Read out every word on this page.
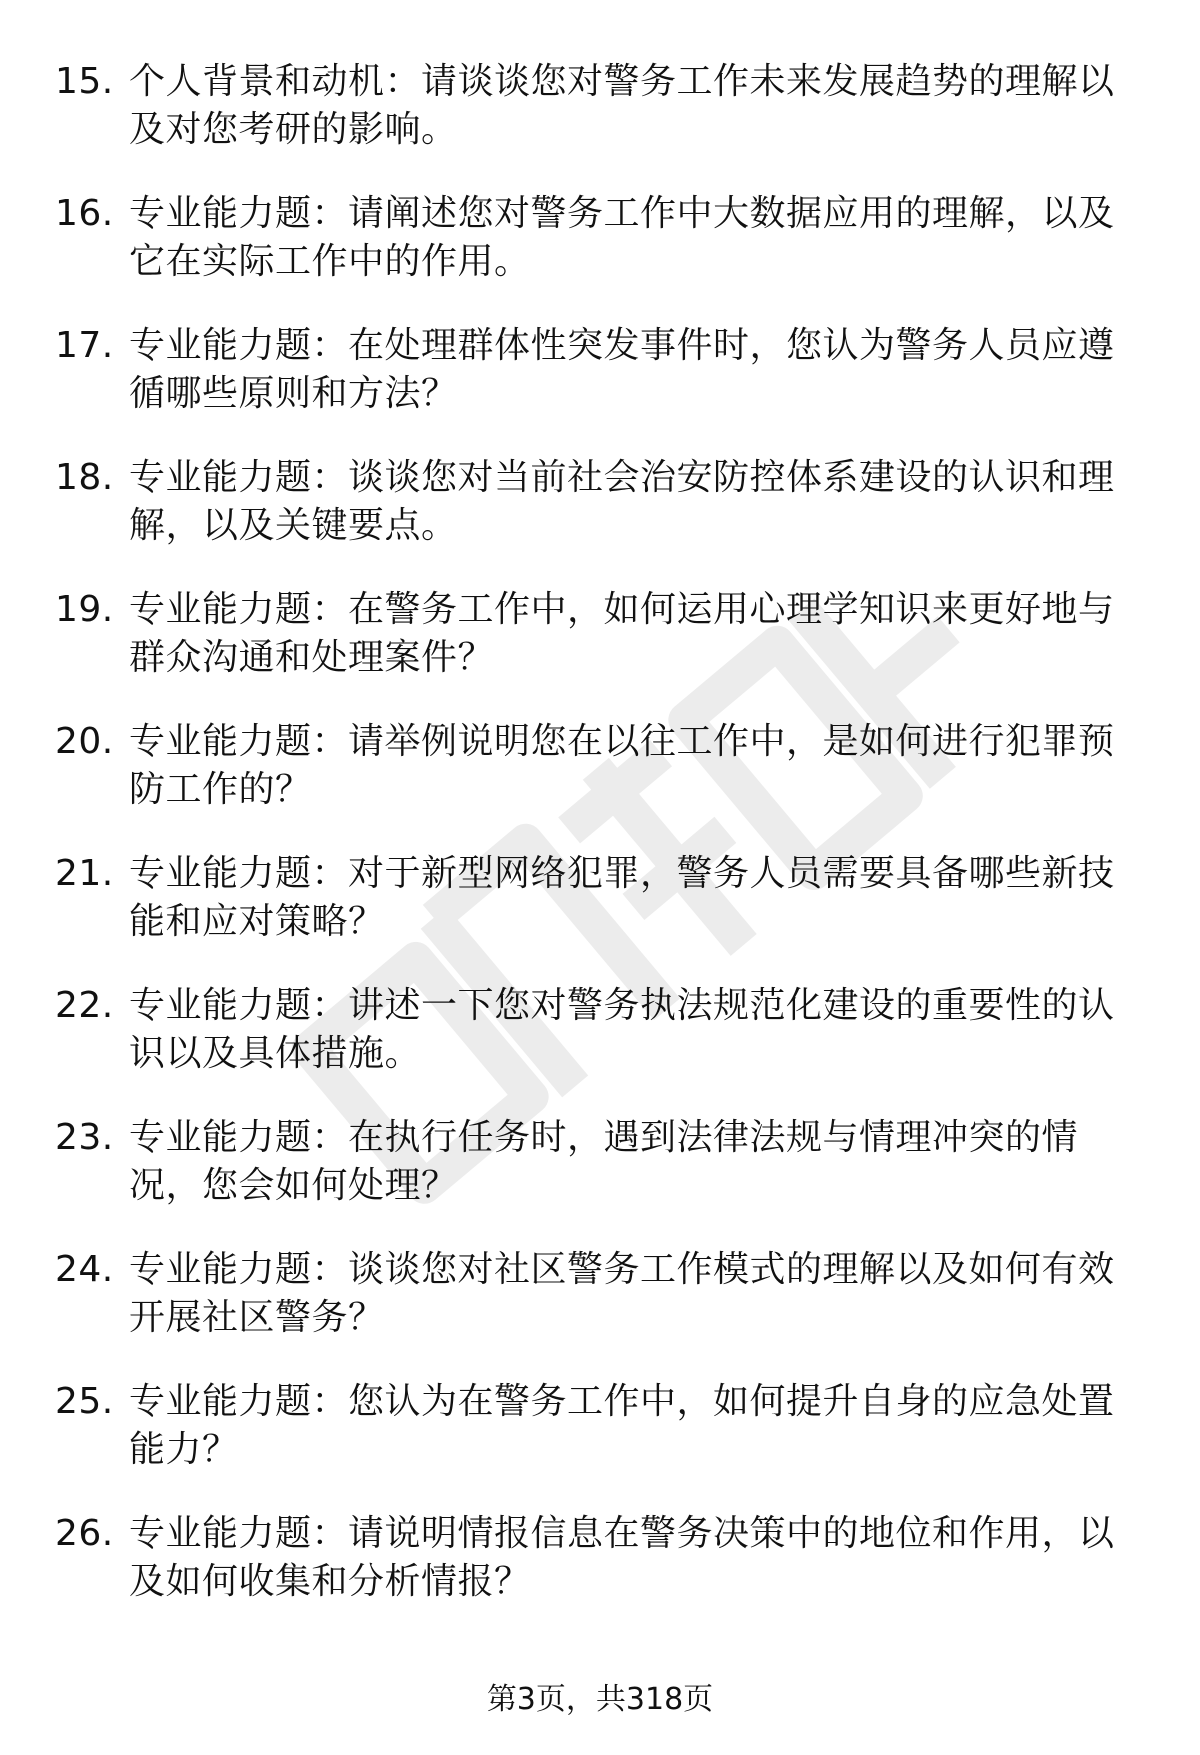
15. 个人背景和动机：请谈谈您对警务工作未来发展趋势的理解以及对您考研的影响。
16. 专业能力题：请阐述您对警务工作中大数据应用的理解，以及它在实际工作中的作用。
17. 专业能力题：在处理群体性突发事件时，您认为警务人员应遵循哪些原则和方法？
18. 专业能力题：谈谈您对当前社会治安防控体系建设的认识和理解，以及关键要点。
19. 专业能力题：在警务工作中，如何运用心理学知识来更好地与群众沟通和处理案件？
20. 专业能力题：请举例说明您在以往工作中，是如何进行犯罪预防工作的？
21. 专业能力题：对于新型网络犯罪，警务人员需要具备哪些新技能和应对策略？
22. 专业能力题：讲述一下您对警务执法规范化建设的重要性的认识以及具体措施。
23. 专业能力题：在执行任务时，遇到法律法规与情理冲突的情况，您会如何处理？
24. 专业能力题：谈谈您对社区警务工作模式的理解以及如何有效开展社区警务？
25. 专业能力题：您认为在警务工作中，如何提升自身的应急处置能力？
26. 专业能力题：请说明情报信息在警务决策中的地位和作用，以及如何收集和分析情报？
第3页，共318页
